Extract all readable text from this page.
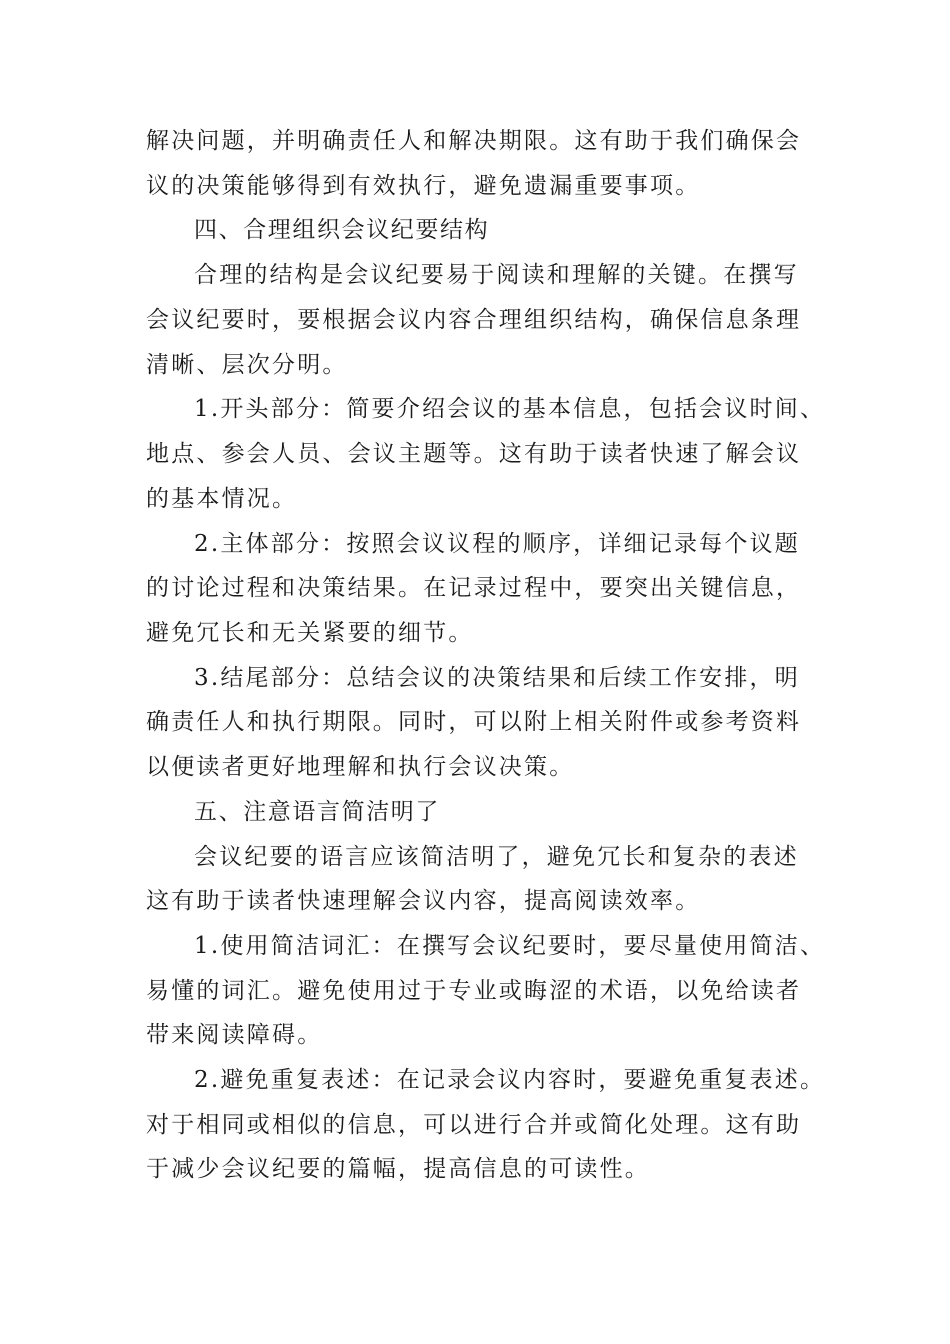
解决问题，并明确责任人和解决期限。这有助于我们确保会
议的决策能够得到有效执行，避免遗漏重要事项。
四、合理组织会议纪要结构
合理的结构是会议纪要易于阅读和理解的关键。在撰写
会议纪要时，要根据会议内容合理组织结构，确保信息条理
清晰、层次分明。
1.开头部分：简要介绍会议的基本信息，包括会议时间、
地点、参会人员、会议主题等。这有助于读者快速了解会议
的基本情况。
2.主体部分：按照会议议程的顺序，详细记录每个议题
的讨论过程和决策结果。在记录过程中，要突出关键信息，
避免冗长和无关紧要的细节。
3.结尾部分：总结会议的决策结果和后续工作安排，明
确责任人和执行期限。同时，可以附上相关附件或参考资料
以便读者更好地理解和执行会议决策。
五、注意语言简洁明了
会议纪要的语言应该简洁明了，避免冗长和复杂的表述
这有助于读者快速理解会议内容，提高阅读效率。
1.使用简洁词汇：在撰写会议纪要时，要尽量使用简洁、
易懂的词汇。避免使用过于专业或晦涩的术语，以免给读者
带来阅读障碍。
2.避免重复表述：在记录会议内容时，要避免重复表述。
对于相同或相似的信息，可以进行合并或简化处理。这有助
于减少会议纪要的篇幅，提高信息的可读性。
